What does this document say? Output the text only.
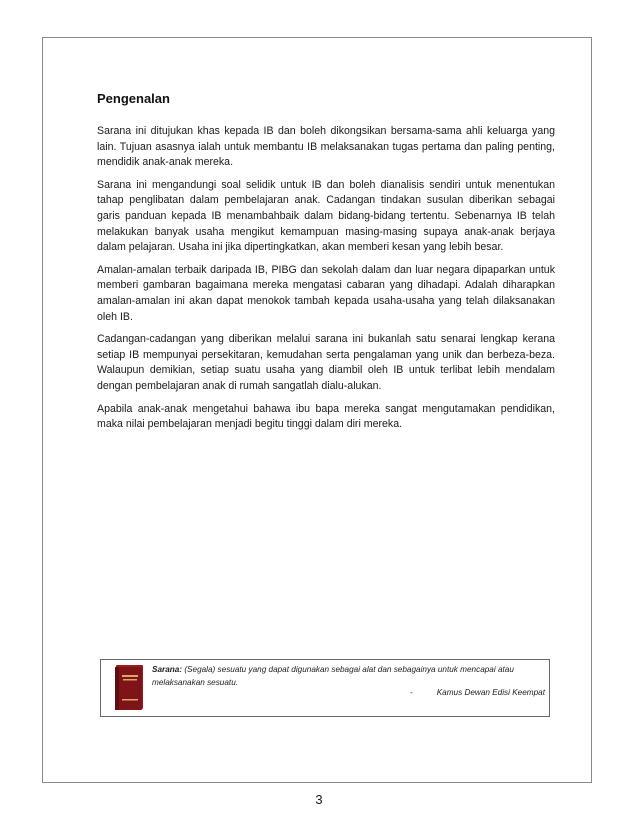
Pengenalan

Sarana ini ditujukan khas kepada IB dan boleh dikongsikan bersama-sama ahli keluarga yang lain. Tujuan asasnya ialah untuk membantu IB melaksanakan tugas pertama dan paling penting, mendidik anak-anak mereka.

Sarana ini mengandungi soal selidik untuk IB dan boleh dianalisis sendiri untuk menentukan tahap penglibatan dalam pembelajaran anak. Cadangan tindakan susulan diberikan sebagai garis panduan kepada IB menambahbaik dalam bidang-bidang tertentu. Sebenarnya IB telah melakukan banyak usaha mengikut kemampuan masing-masing supaya anak-anak berjaya dalam pelajaran. Usaha ini jika dipertingkatkan, akan memberi kesan yang lebih besar.

Amalan-amalan terbaik daripada IB, PIBG dan sekolah dalam dan luar negara dipaparkan untuk memberi gambaran bagaimana mereka mengatasi cabaran yang dihadapi. Adalah diharapkan amalan-amalan ini akan dapat menokok tambah kepada usaha-usaha yang telah dilaksanakan oleh IB.

Cadangan-cadangan yang diberikan melalui sarana ini bukanlah satu senarai lengkap kerana setiap IB mempunyai persekitaran, kemudahan serta pengalaman yang unik dan berbeza-beza. Walaupun demikian, setiap suatu usaha yang diambil oleh IB untuk terlibat lebih mendalam dengan pembelajaran anak di rumah sangatlah dialu-alukan.

Apabila anak-anak mengetahui bahawa ibu bapa mereka sangat mengutamakan pendidikan, maka nilai pembelajaran menjadi begitu tinggi dalam diri mereka.

Sarana: (Segala) sesuatu yang dapat digunakan sebagai alat dan sebagainya untuk mencapai atau melaksanakan sesuatu.
-	Kamus Dewan Edisi Keempat
3
